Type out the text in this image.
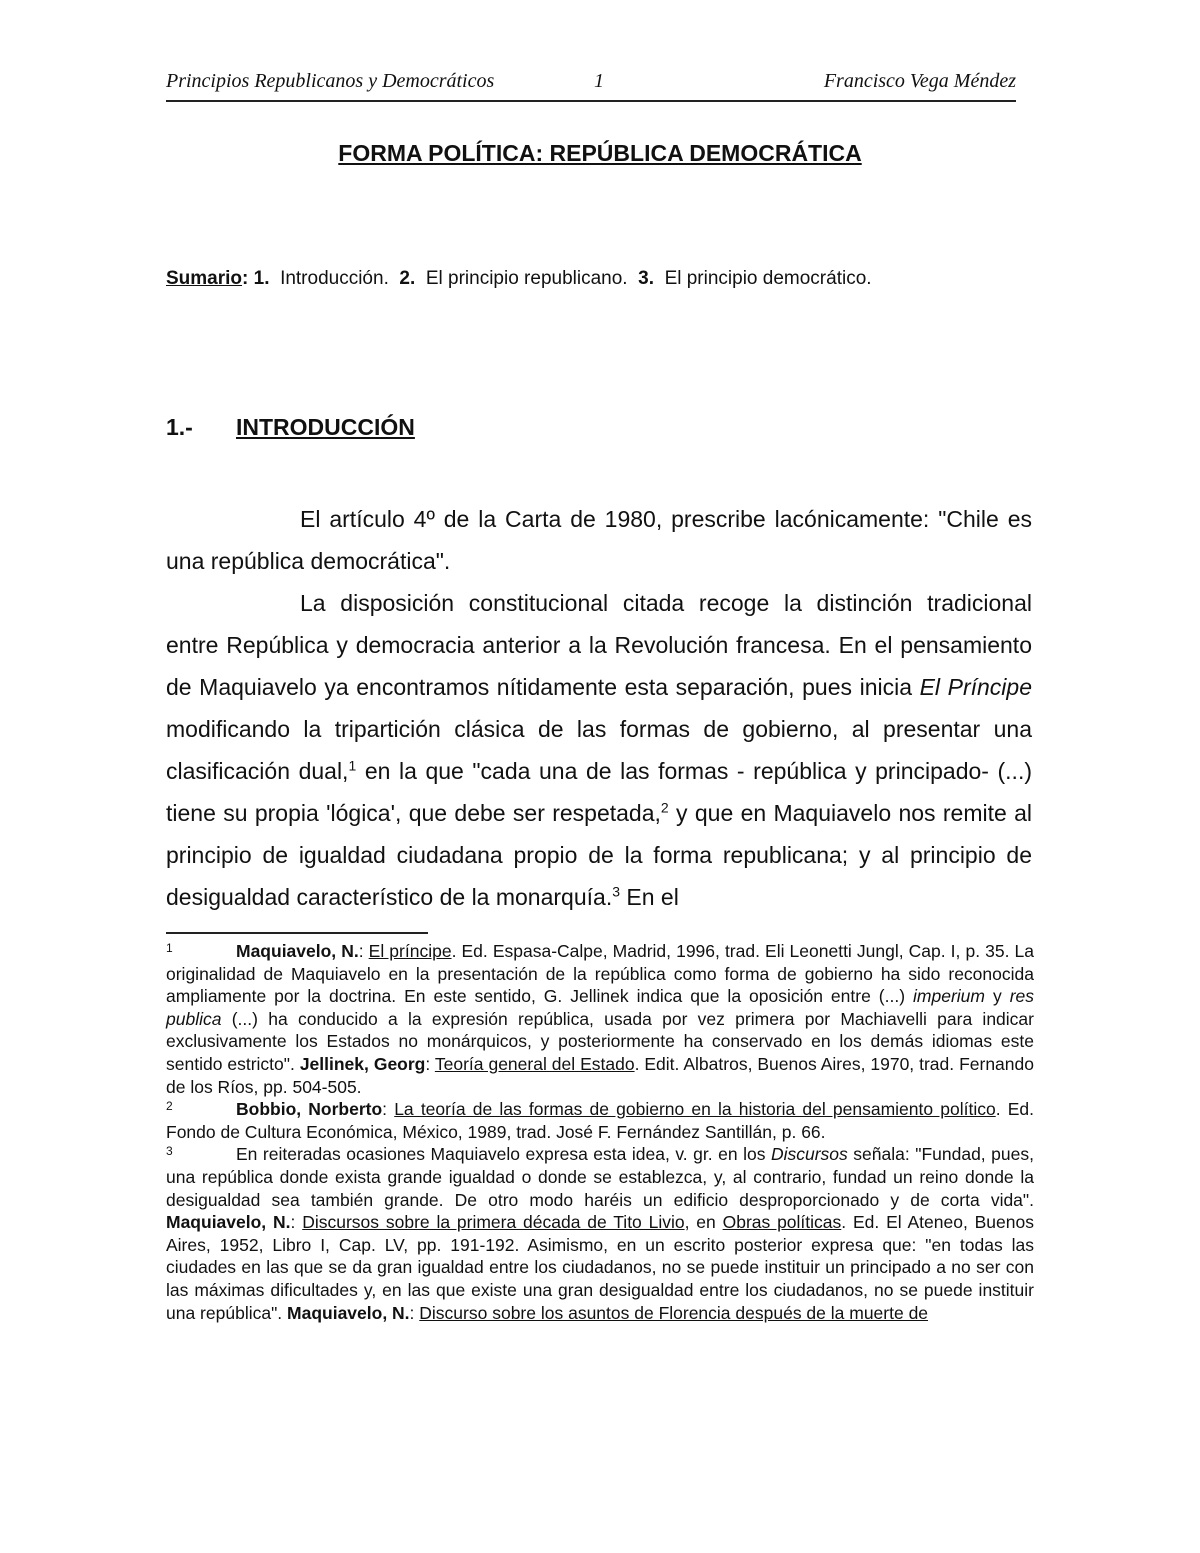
Principios Republicanos y Democráticos	1	Francisco Vega Méndez
FORMA POLÍTICA: REPÚBLICA DEMOCRÁTICA
Sumario: 1. Introducción. 2. El principio republicano. 3. El principio democrático.
1.- INTRODUCCIÓN

El artículo 4º de la Carta de 1980, prescribe lacónicamente: "Chile es una república democrática".

La disposición constitucional citada recoge la distinción tradicional entre República y democracia anterior a la Revolución francesa. En el pensamiento de Maquiavelo ya encontramos nítidamente esta separación, pues inicia El Príncipe modificando la tripartición clásica de las formas de gobierno, al presentar una clasificación dual,$^1$ en la que "cada una de las formas - república y principado- (...) tiene su propia 'lógica', que debe ser respetada,$^2$ y que en Maquiavelo nos remite al principio de igualdad ciudadana propio de la forma republicana; y al principio de desigualdad característico de la monarquía.$^3$ En el

1	Maquiavelo, N.: El príncipe. Ed. Espasa-Calpe, Madrid, 1996, trad. Eli Leonetti Jungl, Cap. I, p. 35. La originalidad de Maquiavelo en la presentación de la república como forma de gobierno ha sido reconocida ampliamente por la doctrina. En este sentido, G. Jellinek indica que la oposición entre (...) imperium y res publica (...) ha conducido a la expresión república, usada por vez primera por Machiavelli para indicar exclusivamente los Estados no monárquicos, y posteriormente ha conservado en los demás idiomas este sentido estricto". Jellinek, Georg: Teoría general del Estado. Edit. Albatros, Buenos Aires, 1970, trad. Fernando de los Ríos, pp. 504-505.

2	Bobbio, Norberto: La teoría de las formas de gobierno en la historia del pensamiento político. Ed. Fondo de Cultura Económica, México, 1989, trad. José F. Fernández Santillán, p. 66.

3	En reiteradas ocasiones Maquiavelo expresa esta idea, v. gr. en los Discursos señala: "Fundad, pues, una república donde exista grande igualdad o donde se establezca, y, al contrario, fundad un reino donde la desigualdad sea también grande. De otro modo haréis un edificio desproporcionado y de corta vida". Maquiavelo, N.: Discursos sobre la primera década de Tito Livio, en Obras políticas. Ed. El Ateneo, Buenos Aires, 1952, Libro I, Cap. LV, pp. 191-192. Asimismo, en un escrito posterior expresa que: "en todas las ciudades en las que se da gran igualdad entre los ciudadanos, no se puede instituir un principado a no ser con las máximas dificultades y, en las que existe una gran desigualdad entre los ciudadanos, no se puede instituir una república". Maquiavelo, N.: Discurso sobre los asuntos de Florencia después de la muerte de
